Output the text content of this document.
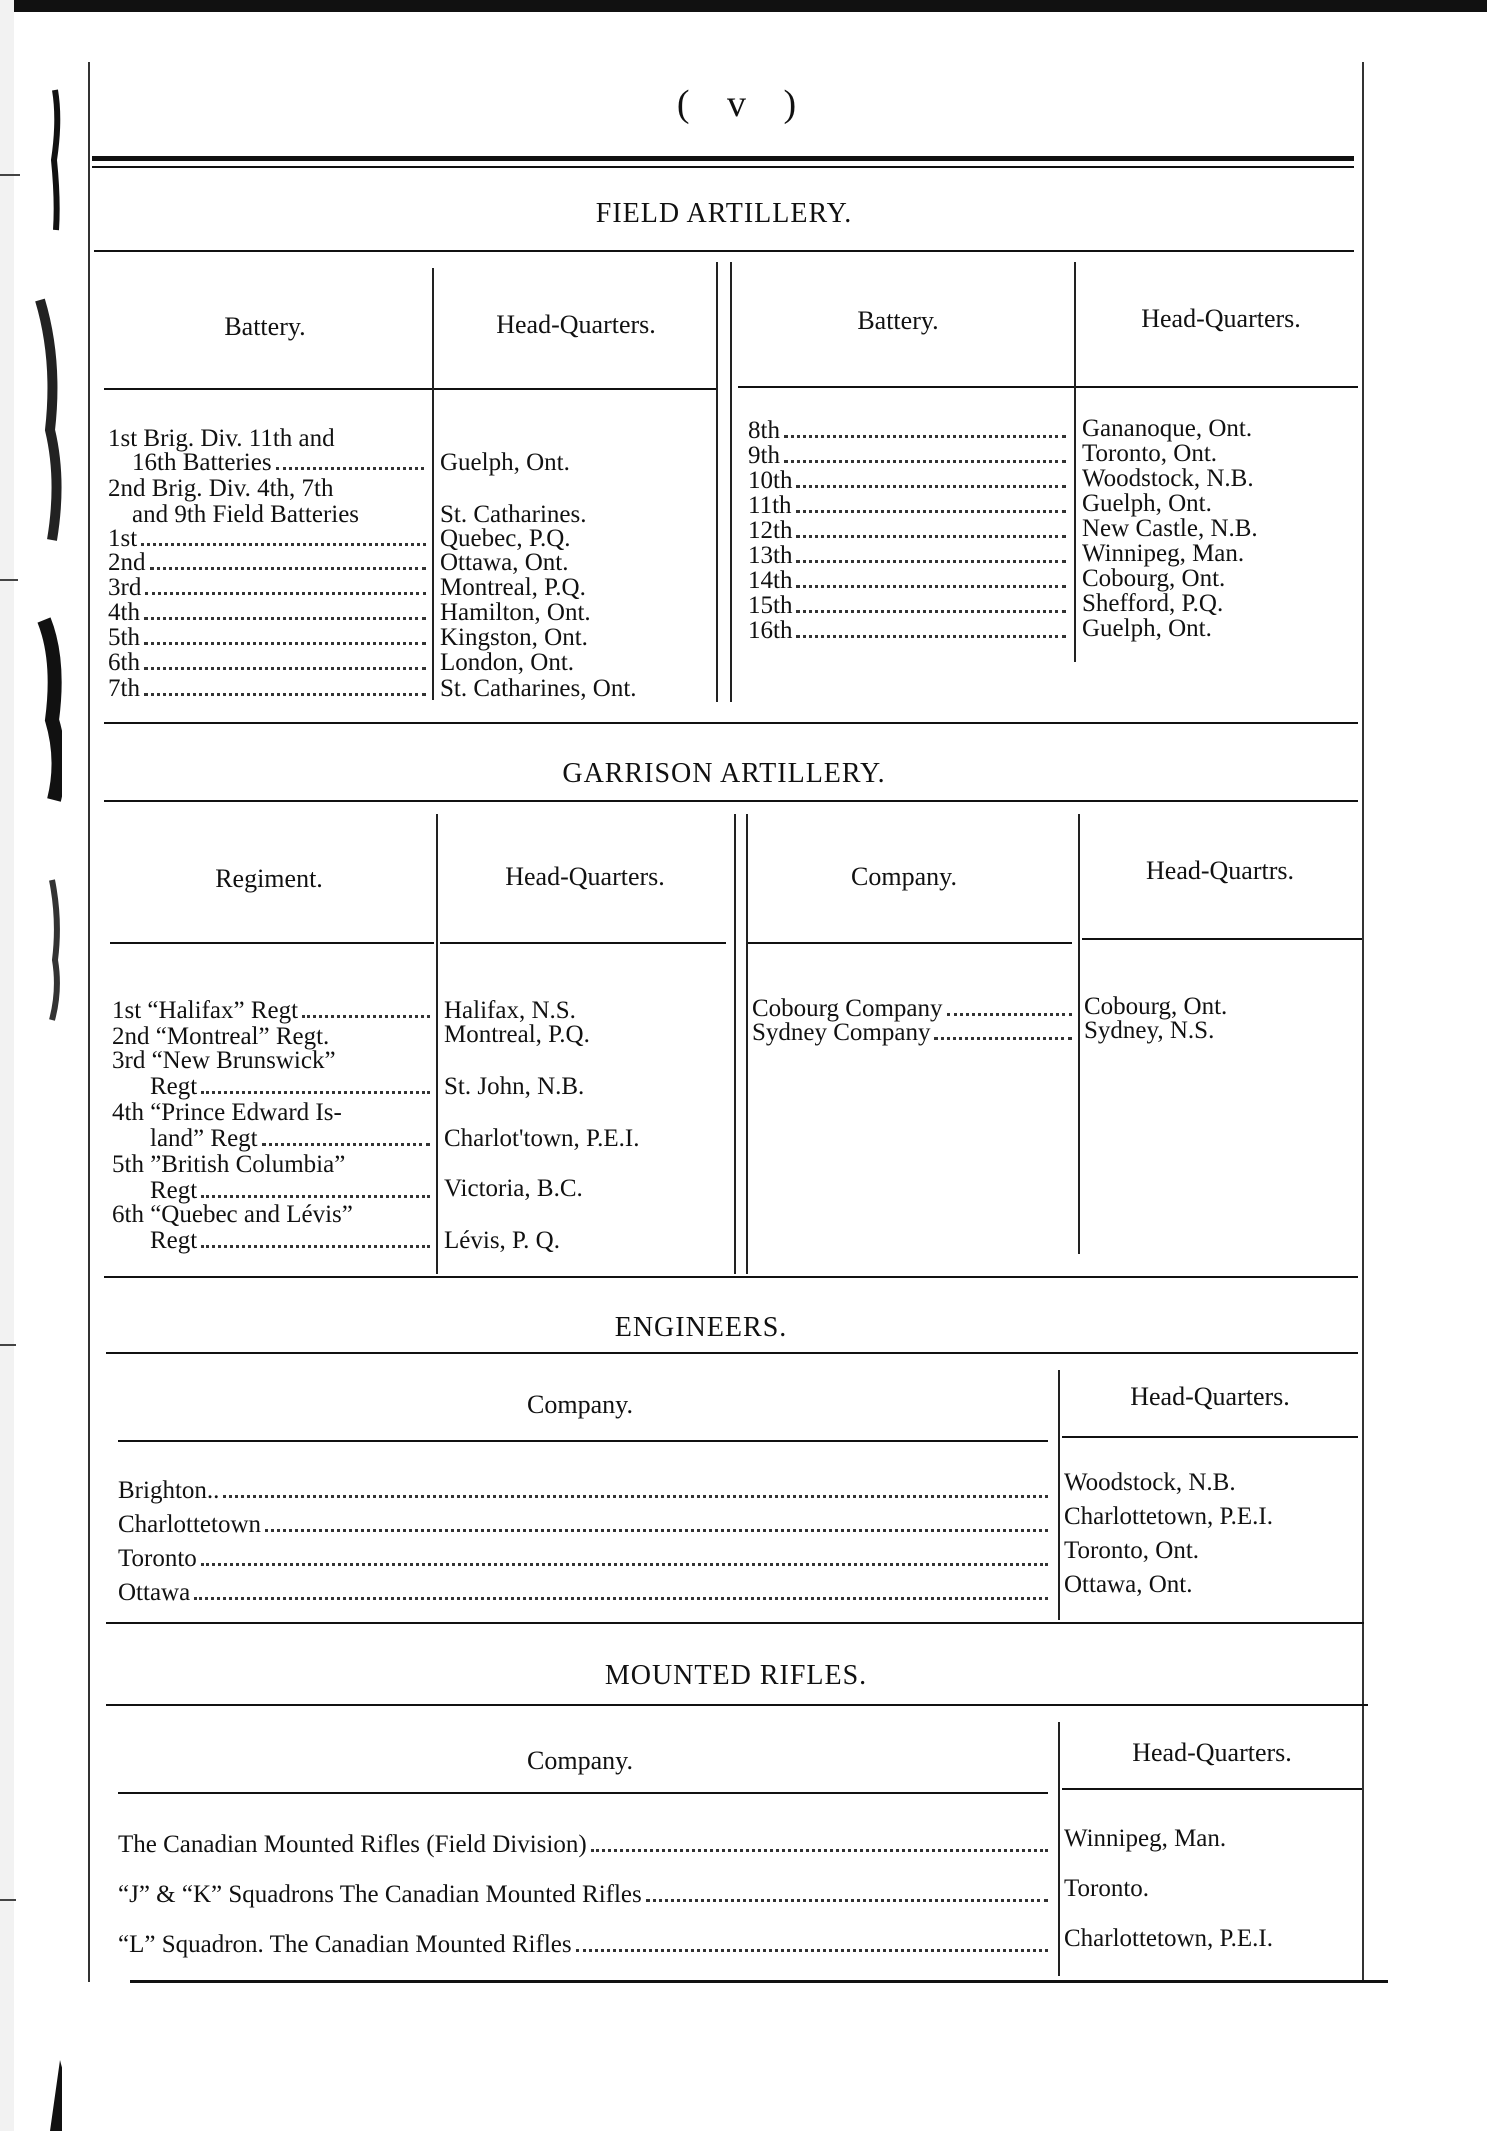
( v )
FIELD ARTILLERY.
Battery.	Head-Quarters.	Battery.	Head-Quarters.
1st Brig. Div. 11th and
16th Batteries	Guelph, Ont.
2nd Brig. Div. 4th, 7th
and 9th Field Batteries	St. Catharines.
1st	Quebec, P.Q.
2nd	Ottawa, Ont.
3rd	Montreal, P.Q.
4th	Hamilton, Ont.
5th	Kingston, Ont.
6th	London, Ont.
7th	St. Catharines, Ont.
8th	Gananoque, Ont.
9th	Toronto, Ont.
10th	Woodstock, N.B.
11th	Guelph, Ont.
12th	New Castle, N.B.
13th	Winnipeg, Man.
14th	Cobourg, Ont.
15th	Shefford, P.Q.
16th	Guelph, Ont.
GARRISON ARTILLERY.
Regiment.	Head-Quarters.	Company.	Head-Quartrs.
1st “Halifax” Regt	Halifax, N.S.
2nd “Montreal” Regt.	Montreal, P.Q.
3rd “New Brunswick”
Regt	St. John, N.B.
4th “Prince Edward Is-
land” Regt	Charlot'town, P.E.I.
5th ”British Columbia”
Regt	Victoria, B.C.
6th “Quebec and Lévis”
Regt	Lévis, P. Q.
Cobourg Company	Cobourg, Ont.
Sydney Company	Sydney, N.S.
ENGINEERS.
Company.	Head-Quarters.
Brighton..	Woodstock, N.B.
Charlottetown	Charlottetown, P.E.I.
Toronto	Toronto, Ont.
Ottawa	Ottawa, Ont.
MOUNTED RIFLES.
Company.	Head-Quarters.
The Canadian Mounted Rifles (Field Division)	Winnipeg, Man.
“J” & “K” Squadrons The Canadian Mounted Rifles	Toronto.
“L” Squadron. The Canadian Mounted Rifles	Charlottetown, P.E.I.
